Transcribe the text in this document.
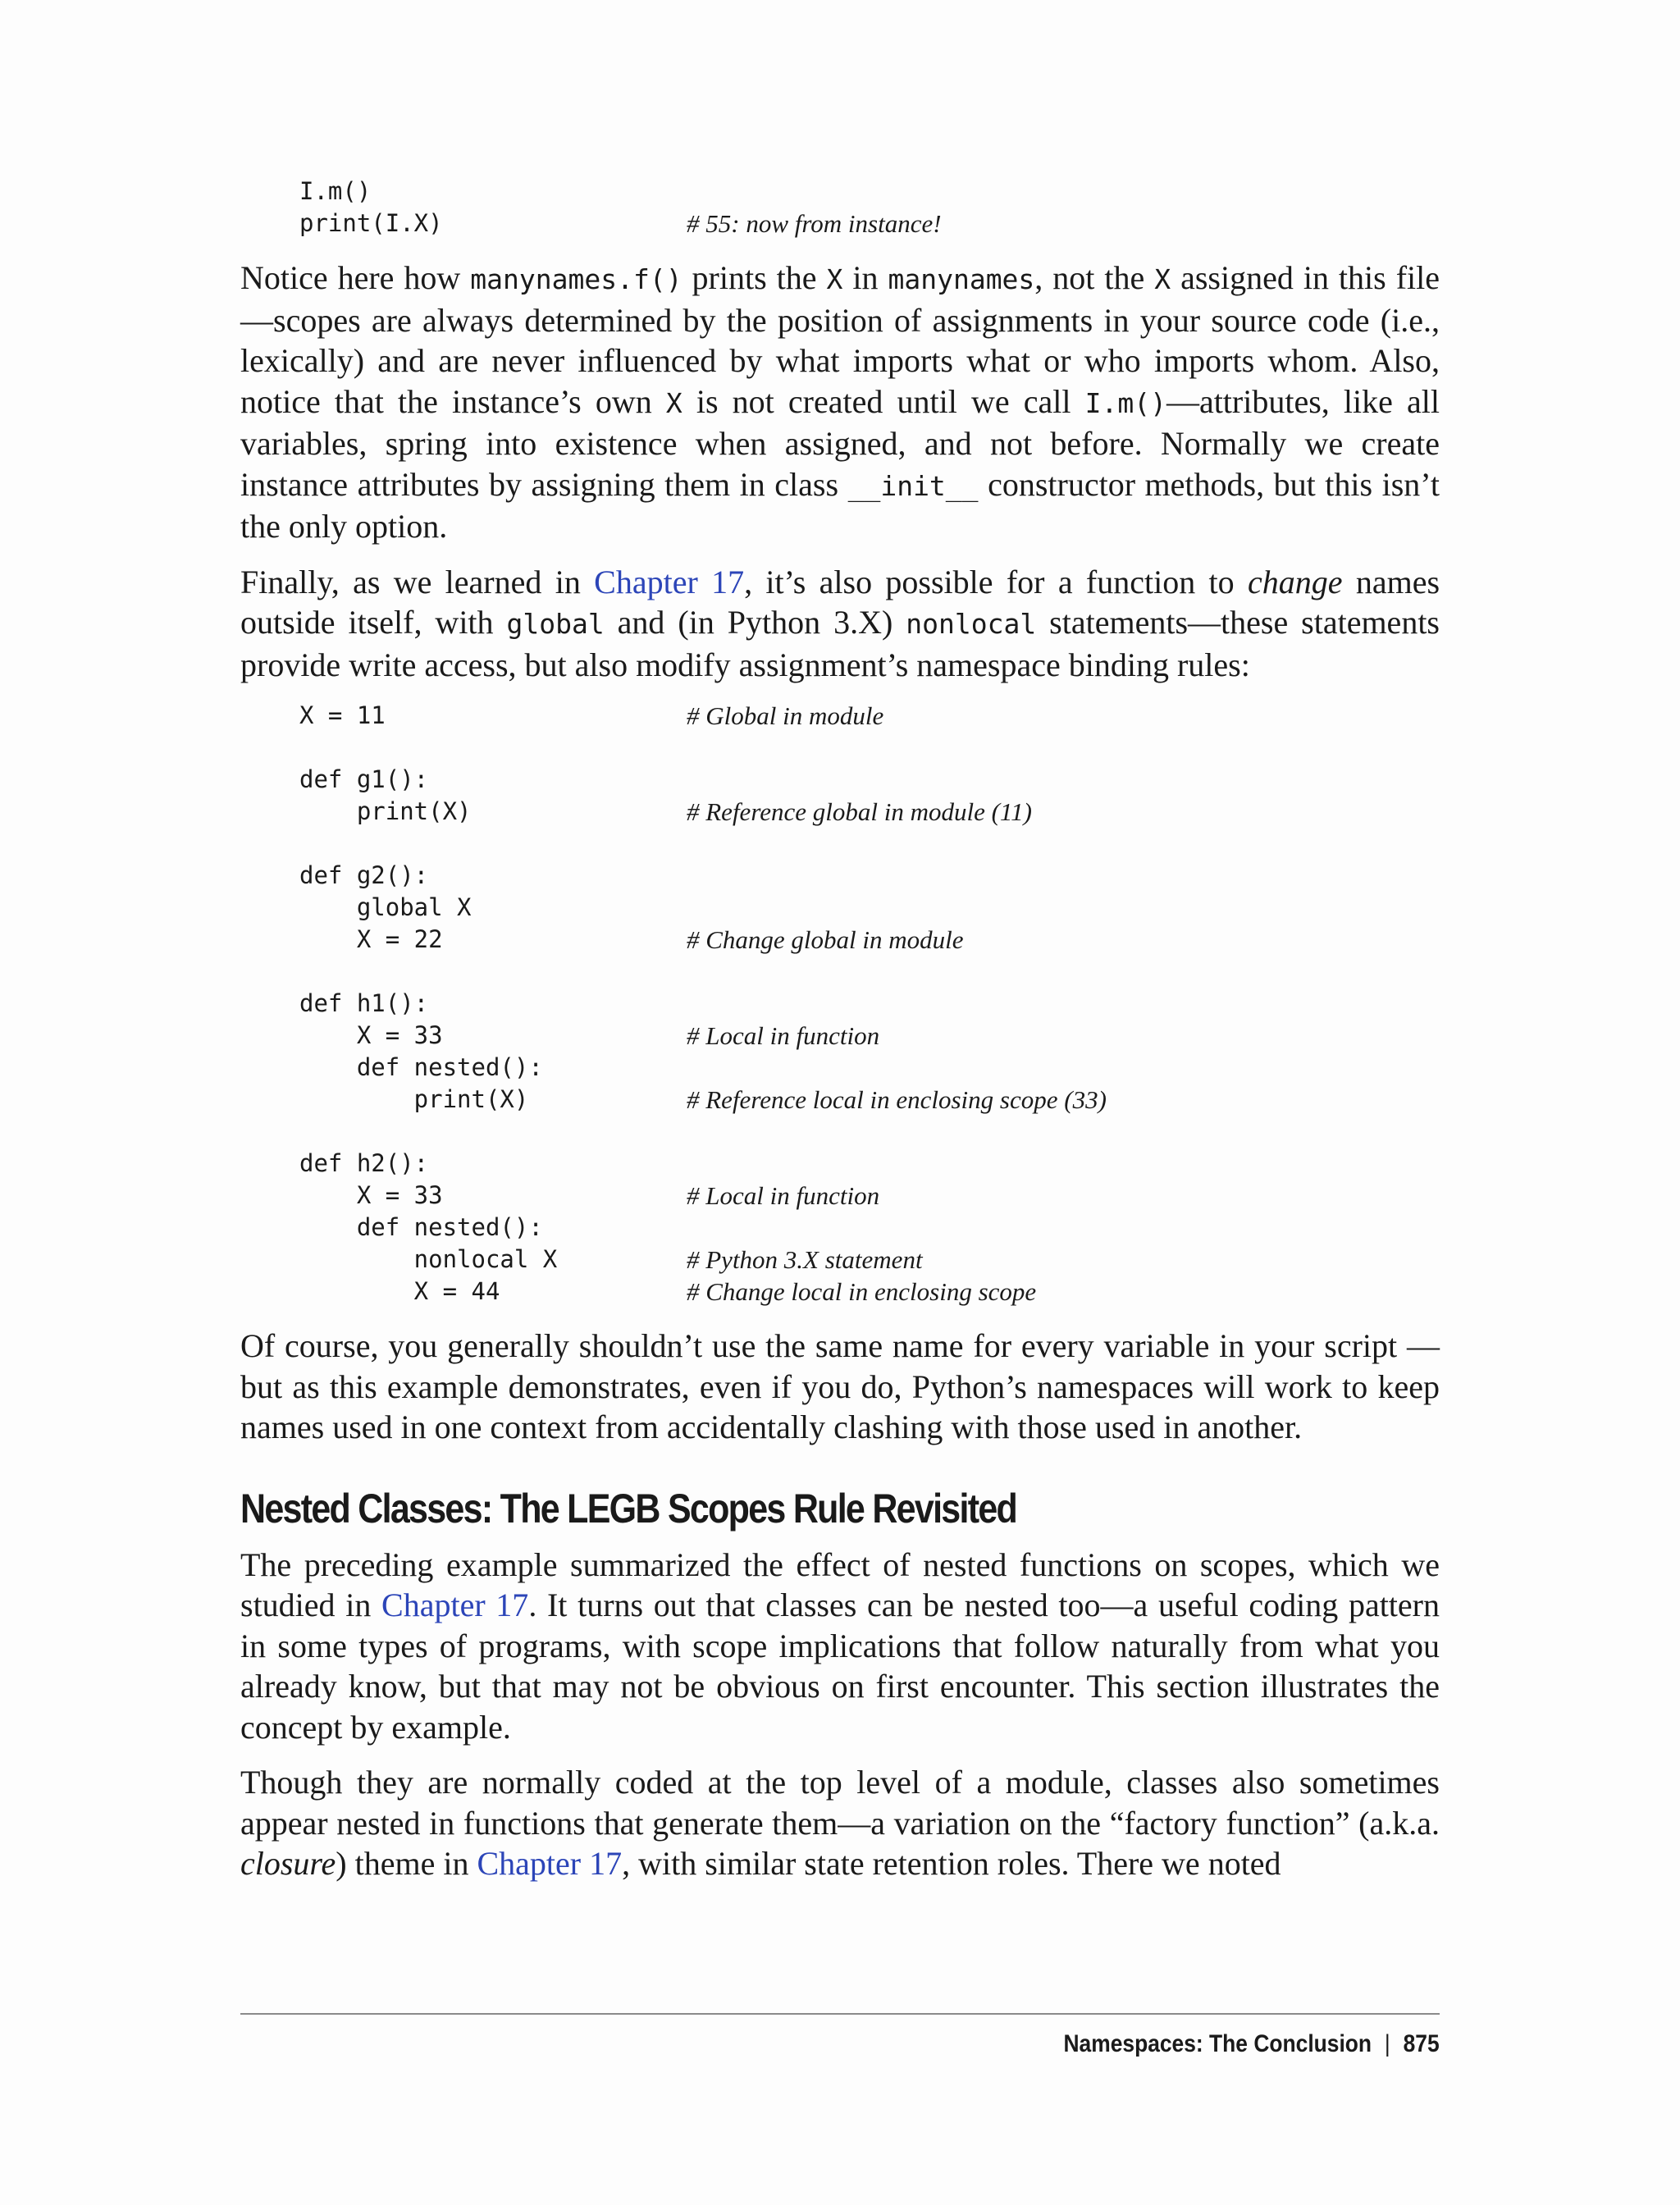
I.m()
print(I.X)	# 55: now from instance!

Notice here how manynames.f() prints the X in manynames, not the X assigned in this file —scopes are always determined by the position of assignments in your source code (i.e., lexically) and are never influenced by what imports what or who imports whom. Also, notice that the instance’s own X is not created until we call I.m()—attributes, like all variables, spring into existence when assigned, and not before. Normally we create instance attributes by assigning them in class __init__ constructor methods, but this isn’t the only option.

Finally, as we learned in Chapter 17, it’s also possible for a function to change names outside itself, with global and (in Python 3.X) nonlocal statements—these statements provide write access, but also modify assignment’s namespace binding rules:

X = 11	# Global in module
def g1():
print(X)	# Reference global in module (11)
def g2():
global X
X = 22	# Change global in module
def h1():
X = 33	# Local in function
def nested():
print(X)	# Reference local in enclosing scope (33)
def h2():
X = 33	# Local in function
def nested():
nonlocal X	# Python 3.X statement
X = 44	# Change local in enclosing scope

Of course, you generally shouldn’t use the same name for every variable in your script —but as this example demonstrates, even if you do, Python’s namespaces will work to keep names used in one context from accidentally clashing with those used in another.

Nested Classes: The LEGB Scopes Rule Revisited

The preceding example summarized the effect of nested functions on scopes, which we studied in Chapter 17. It turns out that classes can be nested too—a useful coding pattern in some types of programs, with scope implications that follow naturally from what you already know, but that may not be obvious on first encounter. This section illustrates the concept by example.

Though they are normally coded at the top level of a module, classes also sometimes appear nested in functions that generate them—a variation on the “factory function” (a.k.a. closure) theme in Chapter 17, with similar state retention roles. There we noted

Namespaces: The Conclusion | 875
